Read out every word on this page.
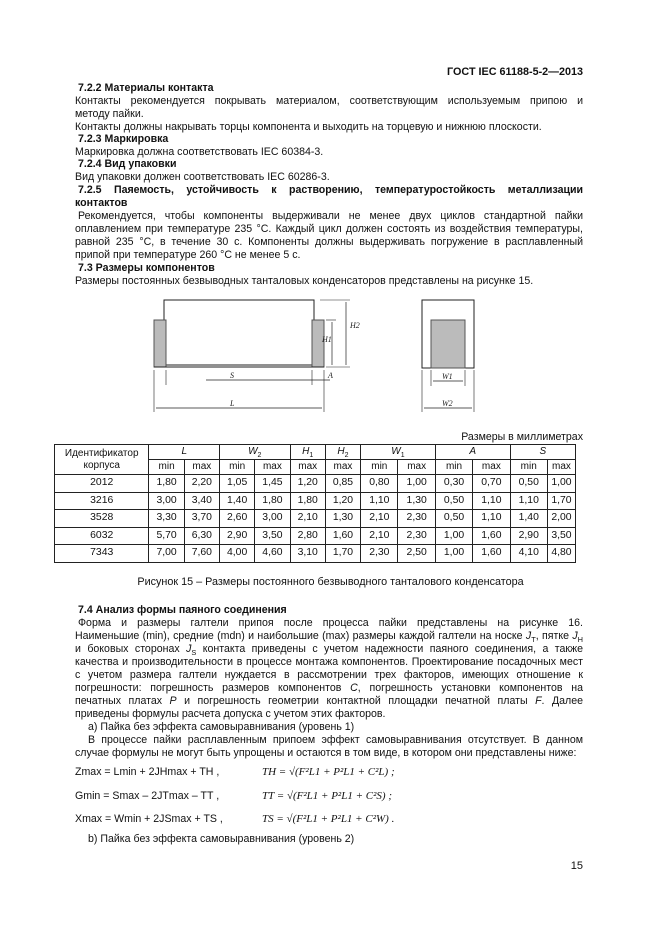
ГОСТ IEC 61188-5-2—2013
7.2.2 Материалы контакта
Контакты рекомендуется покрывать материалом, соответствующим используемым припою и
методу пайки.
Контакты должны накрывать торцы компонента и выходить на торцевую и нижнюю плоскости.
7.2.3 Маркировка
Маркировка должна соответствовать IEC 60384-3.
7.2.4 Вид упаковки
Вид упаковки должен соответствовать IEC 60286-3.
7.2.5 Паяемость, устойчивость к растворению, температуростойкость металлизации
контактов
Рекомендуется, чтобы компоненты выдерживали не менее двух циклов стандартной пайки
оплавлением при температуре 235 °С. Каждый цикл должен состоять из воздействия температуры,
равной 235 °С, в течение 30 с. Компоненты должны выдерживать погружение в расплавленный
припой при температуре 260 °С не менее 5 с.
7.3 Размеры компонентов
Размеры постоянных безвыводных танталовых конденсаторов представлены на рисунке 15.
H2
H1
S	A
L
W1
W2
Размеры в миллиметрах
Идентификатор корпуса	L		$W_2$		$H_1$	$H_2$	$W_1$		A		S	
	min	max	min	max	max	max	min	max	min	max	min	max
2012	1,80	2,20	1,05	1,45	1,20	0,85	0,80	1,00	0,30	0,70	0,50	1,00
3216	3,00	3,40	1,40	1,80	1,80	1,20	1,10	1,30	0,50	1,10	1,10	1,70
3528	3,30	3,70	2,60	3,00	2,10	1,30	2,10	2,30	0,50	1,10	1,40	2,00
6032	5,70	6,30	2,90	3,50	2,80	1,60	2,10	2,30	1,00	1,60	2,90	3,50
7343	7,00	7,60	4,00	4,60	3,10	1,70	2,30	2,50	1,00	1,60	4,10	4,80
Рисунок 15 – Размеры постоянного безвыводного танталового конденсатора
7.4 Анализ формы паяного соединения
Форма и размеры галтели припоя после процесса пайки представлены на рисунке 16.
Наименьшие (min), средние (mdn) и наибольшие (max) размеры каждой галтели на носке $J_T$, пятке $J_H$
и боковых сторонах $J_S$ контакта приведены с учетом надежности паяного соединения, а также
качества и производительности в процессе монтажа компонентов. Проектирование посадочных мест
с учетом размера галтели нуждается в рассмотрении трех факторов, имеющих отношение к
погрешности: погрешность размеров компонентов C, погрешность установки компонентов на
печатных платах P и погрешность геометрии контактной площадки печатной платы F. Далее
приведены формулы расчета допуска с учетом этих факторов.
а) Пайка без эффекта самовыравнивания (уровень 1)
В процессе пайки расплавленным припоем эффект самовыравнивания отсутствует. В данном
случае формулы не могут быть упрощены и остаются в том виде, в котором они представлены ниже:
Zmax = Lmin + 2JHmax + TH ,	TH = √(F²L1 + P²L1 + C²L) ;
Gmin = Smax – 2JTmax – TT ,	TT = √(F²L1 + P²L1 + C²S) ;
Xmax = Wmin + 2JSmax + TS ,	TS = √(F²L1 + P²L1 + C²W) .
b) Пайка без эффекта самовыравнивания (уровень 2)
15
